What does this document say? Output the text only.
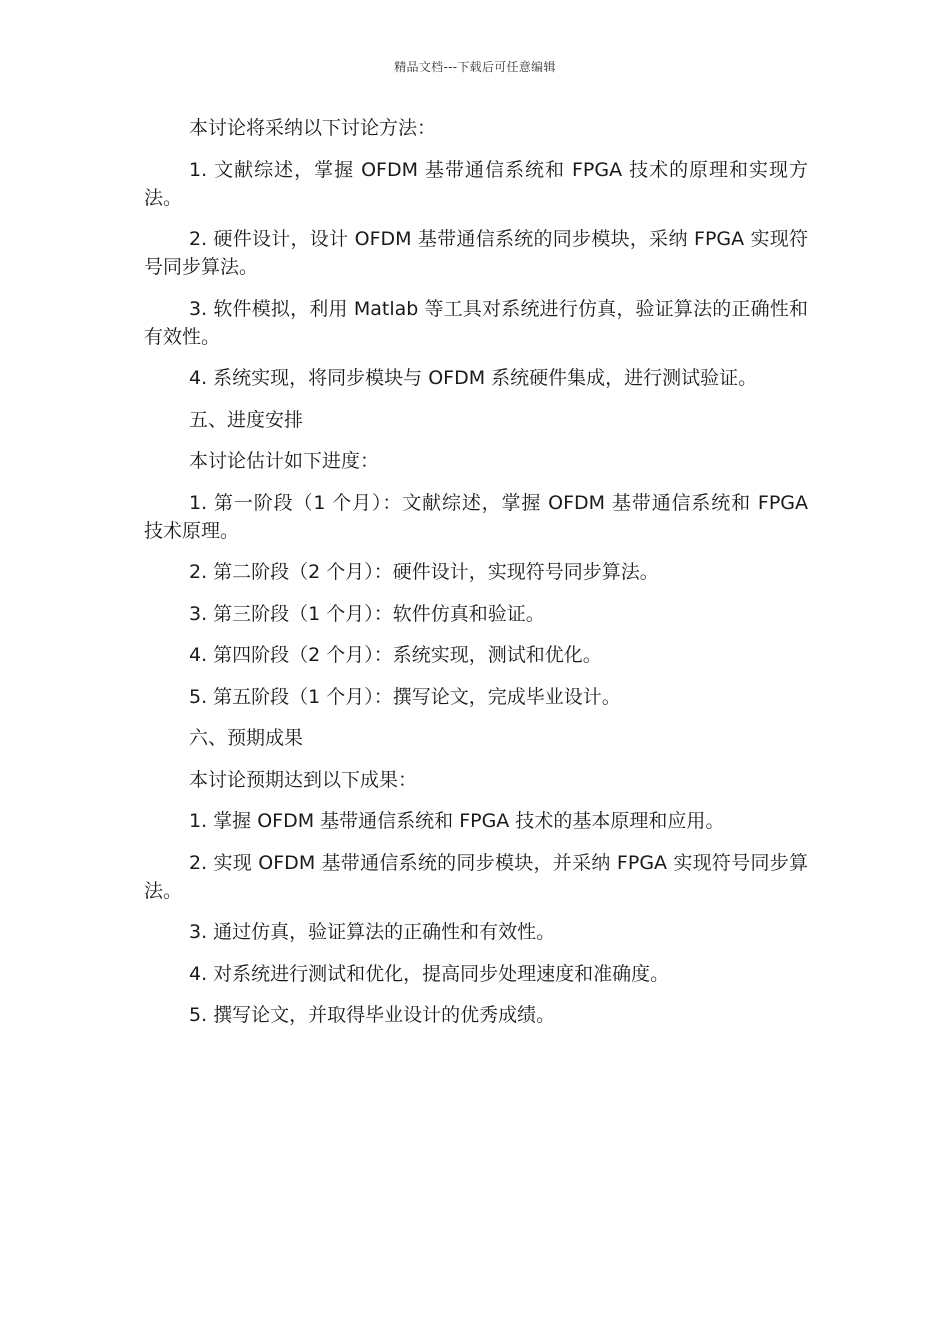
精品文档---下载后可任意编辑

本讨论将采纳以下讨论方法：

1. 文献综述，掌握 OFDM 基带通信系统和 FPGA 技术的原理和实现方法。

2. 硬件设计，设计 OFDM 基带通信系统的同步模块，采纳 FPGA 实现符号同步算法。

3. 软件模拟，利用 Matlab 等工具对系统进行仿真，验证算法的正确性和有效性。

4. 系统实现，将同步模块与 OFDM 系统硬件集成，进行测试验证。

五、进度安排

本讨论估计如下进度：

1. 第一阶段（1 个月）：文献综述，掌握 OFDM 基带通信系统和 FPGA 技术原理。

2. 第二阶段（2 个月）：硬件设计，实现符号同步算法。

3. 第三阶段（1 个月）：软件仿真和验证。

4. 第四阶段（2 个月）：系统实现，测试和优化。

5. 第五阶段（1 个月）：撰写论文，完成毕业设计。

六、预期成果

本讨论预期达到以下成果：

1. 掌握 OFDM 基带通信系统和 FPGA 技术的基本原理和应用。

2. 实现 OFDM 基带通信系统的同步模块，并采纳 FPGA 实现符号同步算法。

3. 通过仿真，验证算法的正确性和有效性。

4. 对系统进行测试和优化，提高同步处理速度和准确度。

5. 撰写论文，并取得毕业设计的优秀成绩。
